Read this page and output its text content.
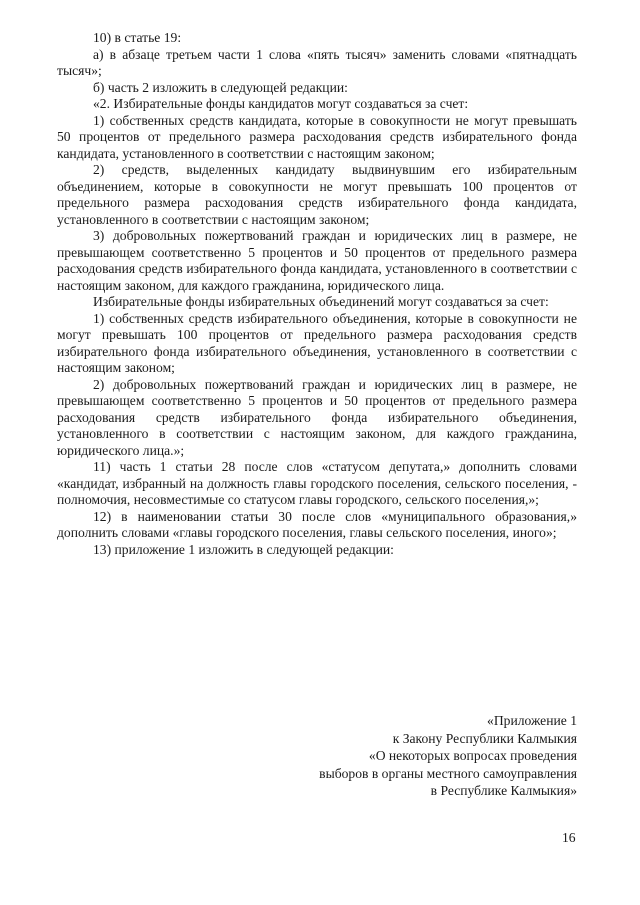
10) в статье 19:

а) в абзаце третьем части 1 слова «пять тысяч» заменить словами «пятнадцать тысяч»;

б) часть 2 изложить в следующей редакции:

«2. Избирательные фонды кандидатов могут создаваться за счет:

1) собственных средств кандидата, которые в совокупности не могут превышать 50 процентов от предельного размера расходования средств избирательного фонда кандидата, установленного в соответствии с настоящим законом;

2) средств, выделенных кандидату выдвинувшим его избирательным объединением, которые в совокупности не могут превышать 100 процентов от предельного размера расходования средств избирательного фонда кандидата, установленного в соответствии с настоящим законом;

3) добровольных пожертвований граждан и юридических лиц в размере, не превышающем соответственно 5 процентов и 50 процентов от предельного размера расходования средств избирательного фонда кандидата, установленного в соответствии с настоящим законом, для каждого гражданина, юридического лица.

Избирательные фонды избирательных объединений могут создаваться за счет:

1) собственных средств избирательного объединения, которые в совокупности не могут превышать 100 процентов от предельного размера расходования средств избирательного фонда избирательного объединения, установленного в соответствии с настоящим законом;

2) добровольных пожертвований граждан и юридических лиц в размере, не превышающем соответственно 5 процентов и 50 процентов от предельного размера расходования средств избирательного фонда избирательного объединения, установленного в соответствии с настоящим законом, для каждого гражданина, юридического лица.»;

11) часть 1 статьи 28 после слов «статусом депутата,» дополнить словами «кандидат, избранный на должность главы городского поселения, сельского поселения, - полномочия, несовместимые со статусом главы городского, сельского поселения,»;

12) в наименовании статьи 30 после слов «муниципального образования,» дополнить словами «главы городского поселения, главы сельского поселения, иного»;

13) приложение 1 изложить в следующей редакции:

«Приложение 1
к Закону Республики Калмыкия
«О некоторых вопросах проведения
выборов в органы местного самоуправления
в Республике Калмыкия»
16
